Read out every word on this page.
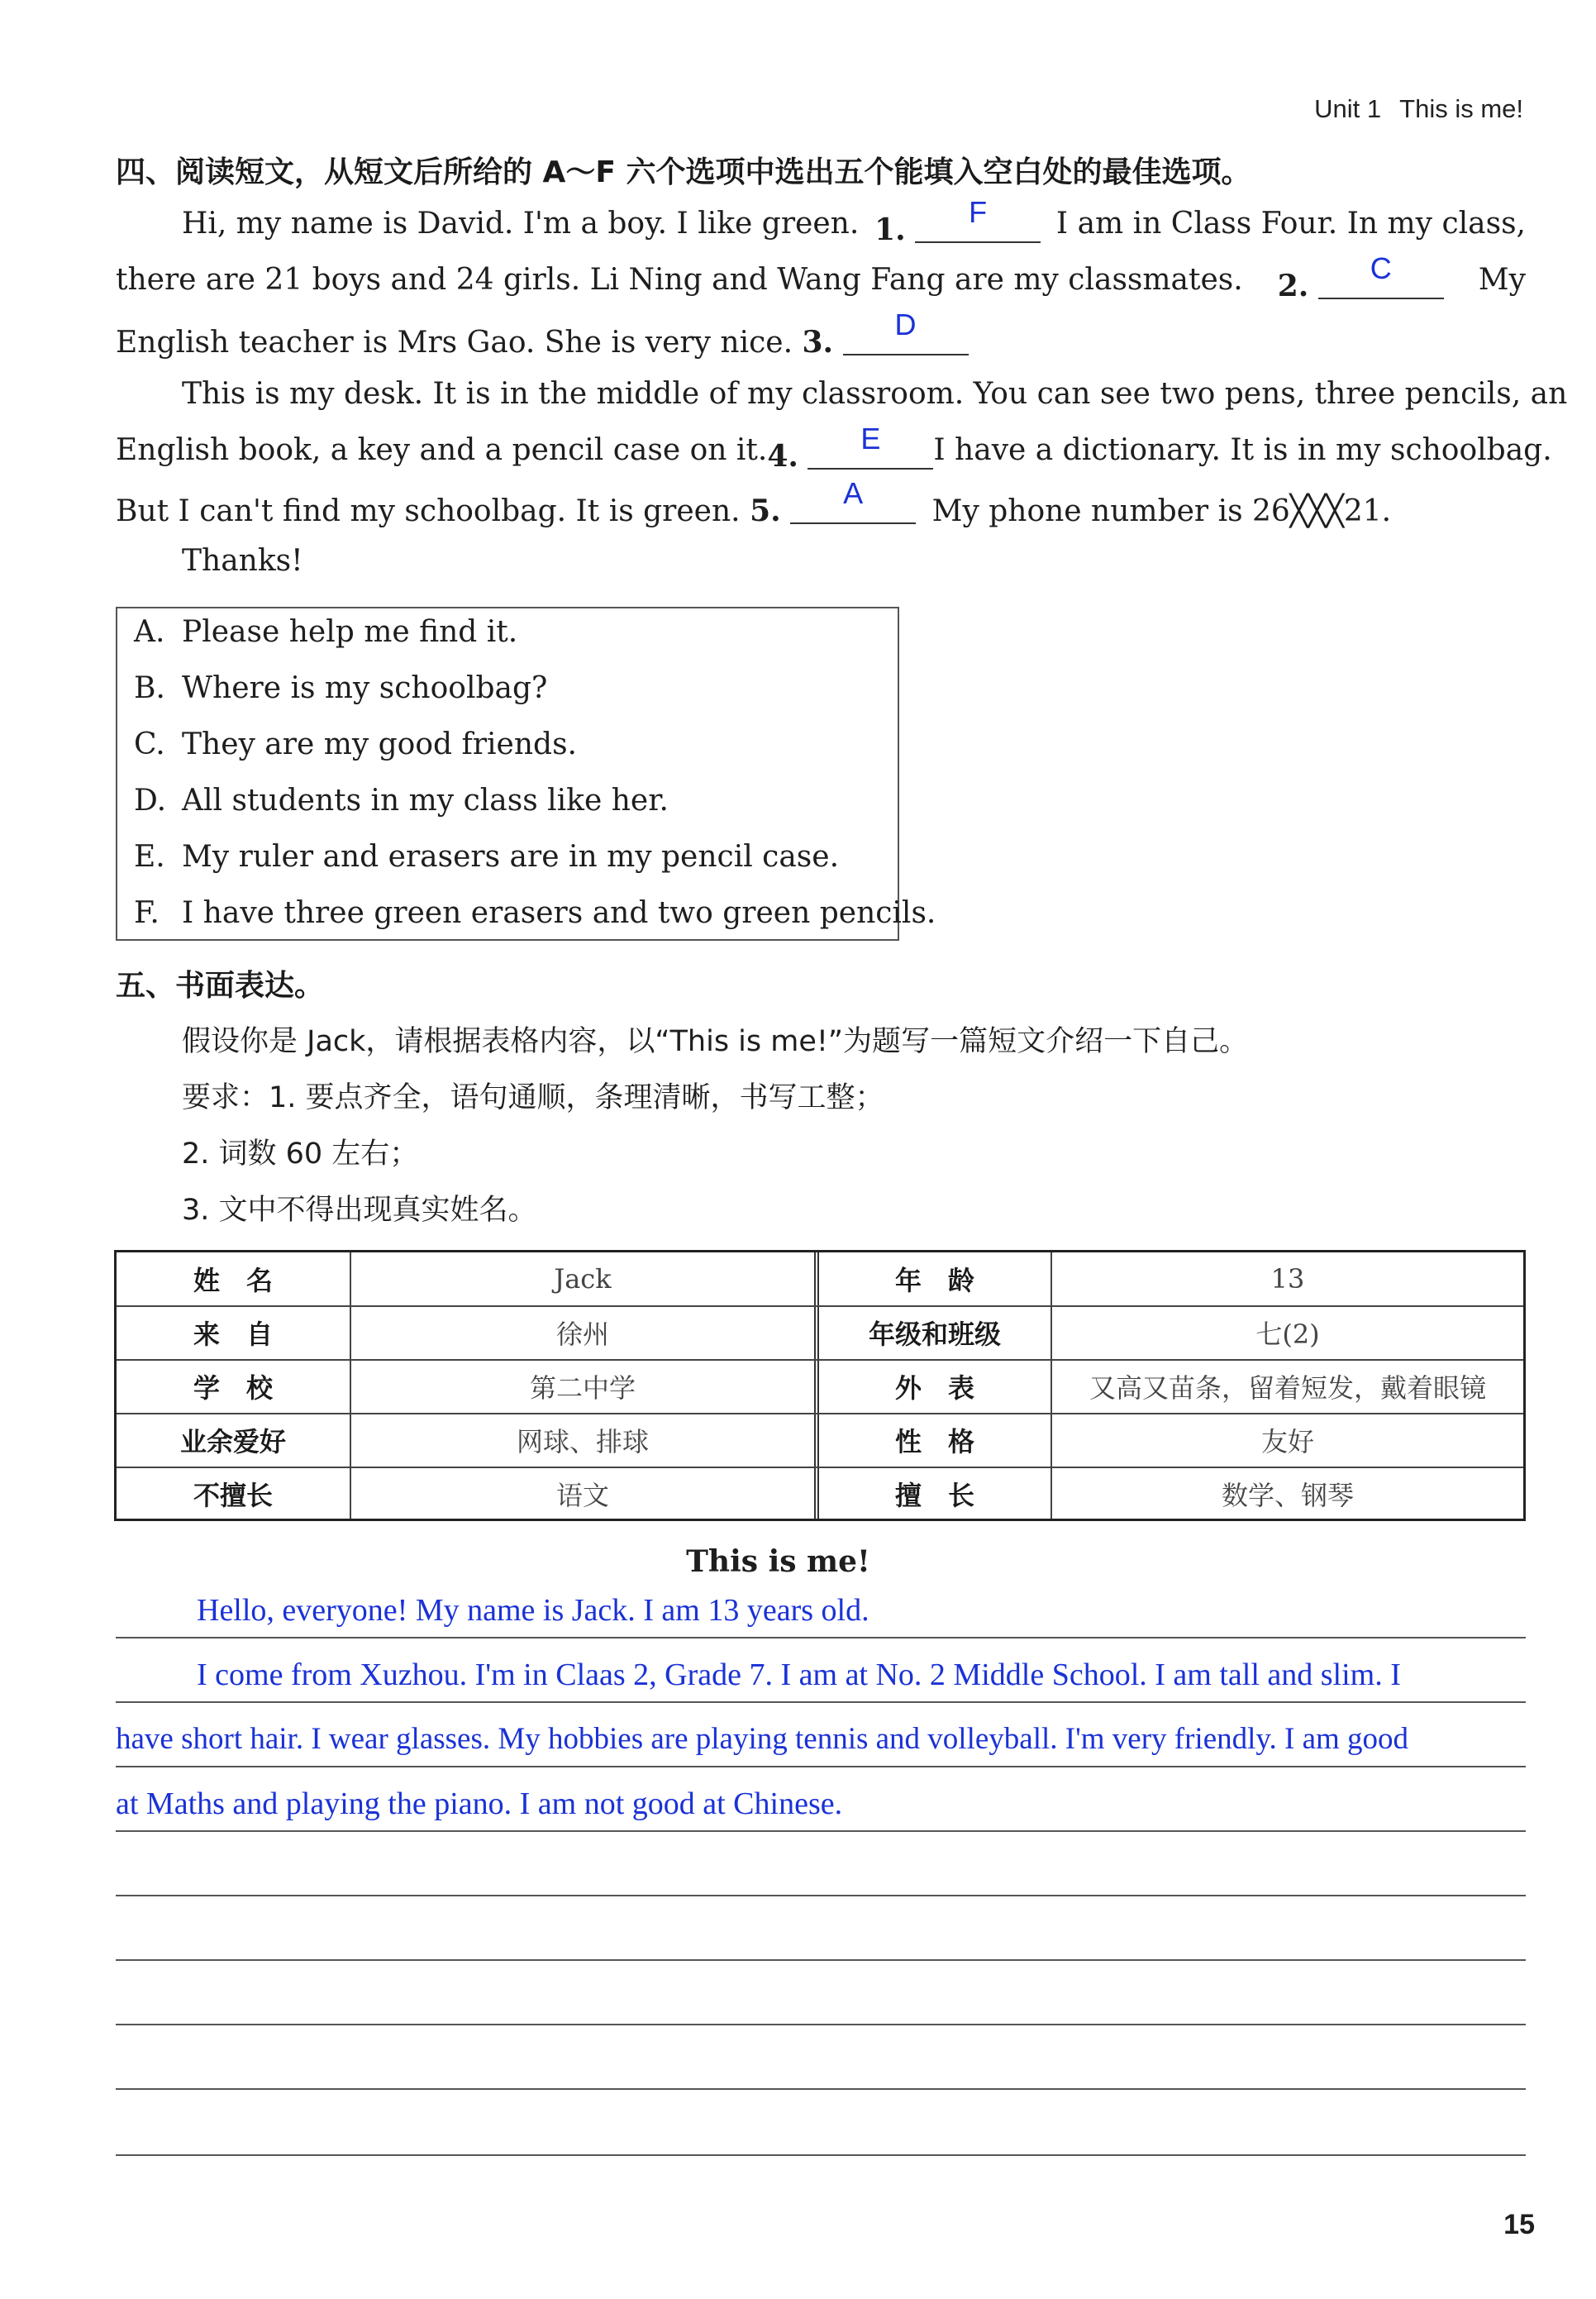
Unit 1 This is me!
四、阅读短文，从短文后所给的 A～F 六个选项中选出五个能填入空白处的最佳选项。
Hi, my name is David. I'm a boy. I like green. 1.
F	I am in Class Four. In my class,
there are 21 boys and 24 girls. Li Ning and Wang Fang are my classmates. 2.
C	My
English teacher is Mrs Gao. She is very nice. 3.
D
This is my desk. It is in the middle of my classroom. You can see two pens, three pencils, an
English book, a key and a pencil case on it. 4.
E	I have a dictionary. It is in my schoolbag.
But I can't find my schoolbag. It is green. 5.
A
My phone number is 26╳╳╳21.
Thanks!
A. Please help me find it.
B. Where is my schoolbag?
C. They are my good friends.
D. All students in my class like her.
E. My ruler and erasers are in my pencil case.
F. I have three green erasers and two green pencils.
五、书面表达。
假设你是 Jack，请根据表格内容，以“This is me!”为题写一篇短文介绍一下自己。
要求：1. 要点齐全，语句通顺，条理清晰，书写工整；
2. 词数 60 左右；
3. 文中不得出现真实姓名。
姓　名	Jack	年　龄	13
来　自	徐州	年级和班级	七(2)
学　校	第二中学	外　表	又高又苗条，留着短发，戴着眼镜
业余爱好	网球、排球	性　格	友好
不擅长	语文	擅　长	数学、钢琴
This is me!
Hello, everyone! My name is Jack. I am 13 years old.
I come from Xuzhou. I'm in Claas 2, Grade 7. I am at No. 2 Middle School. I am tall and slim. I
have short hair. I wear glasses. My hobbies are playing tennis and volleyball. I'm very friendly. I am good
at Maths and playing the piano. I am not good at Chinese.
15
